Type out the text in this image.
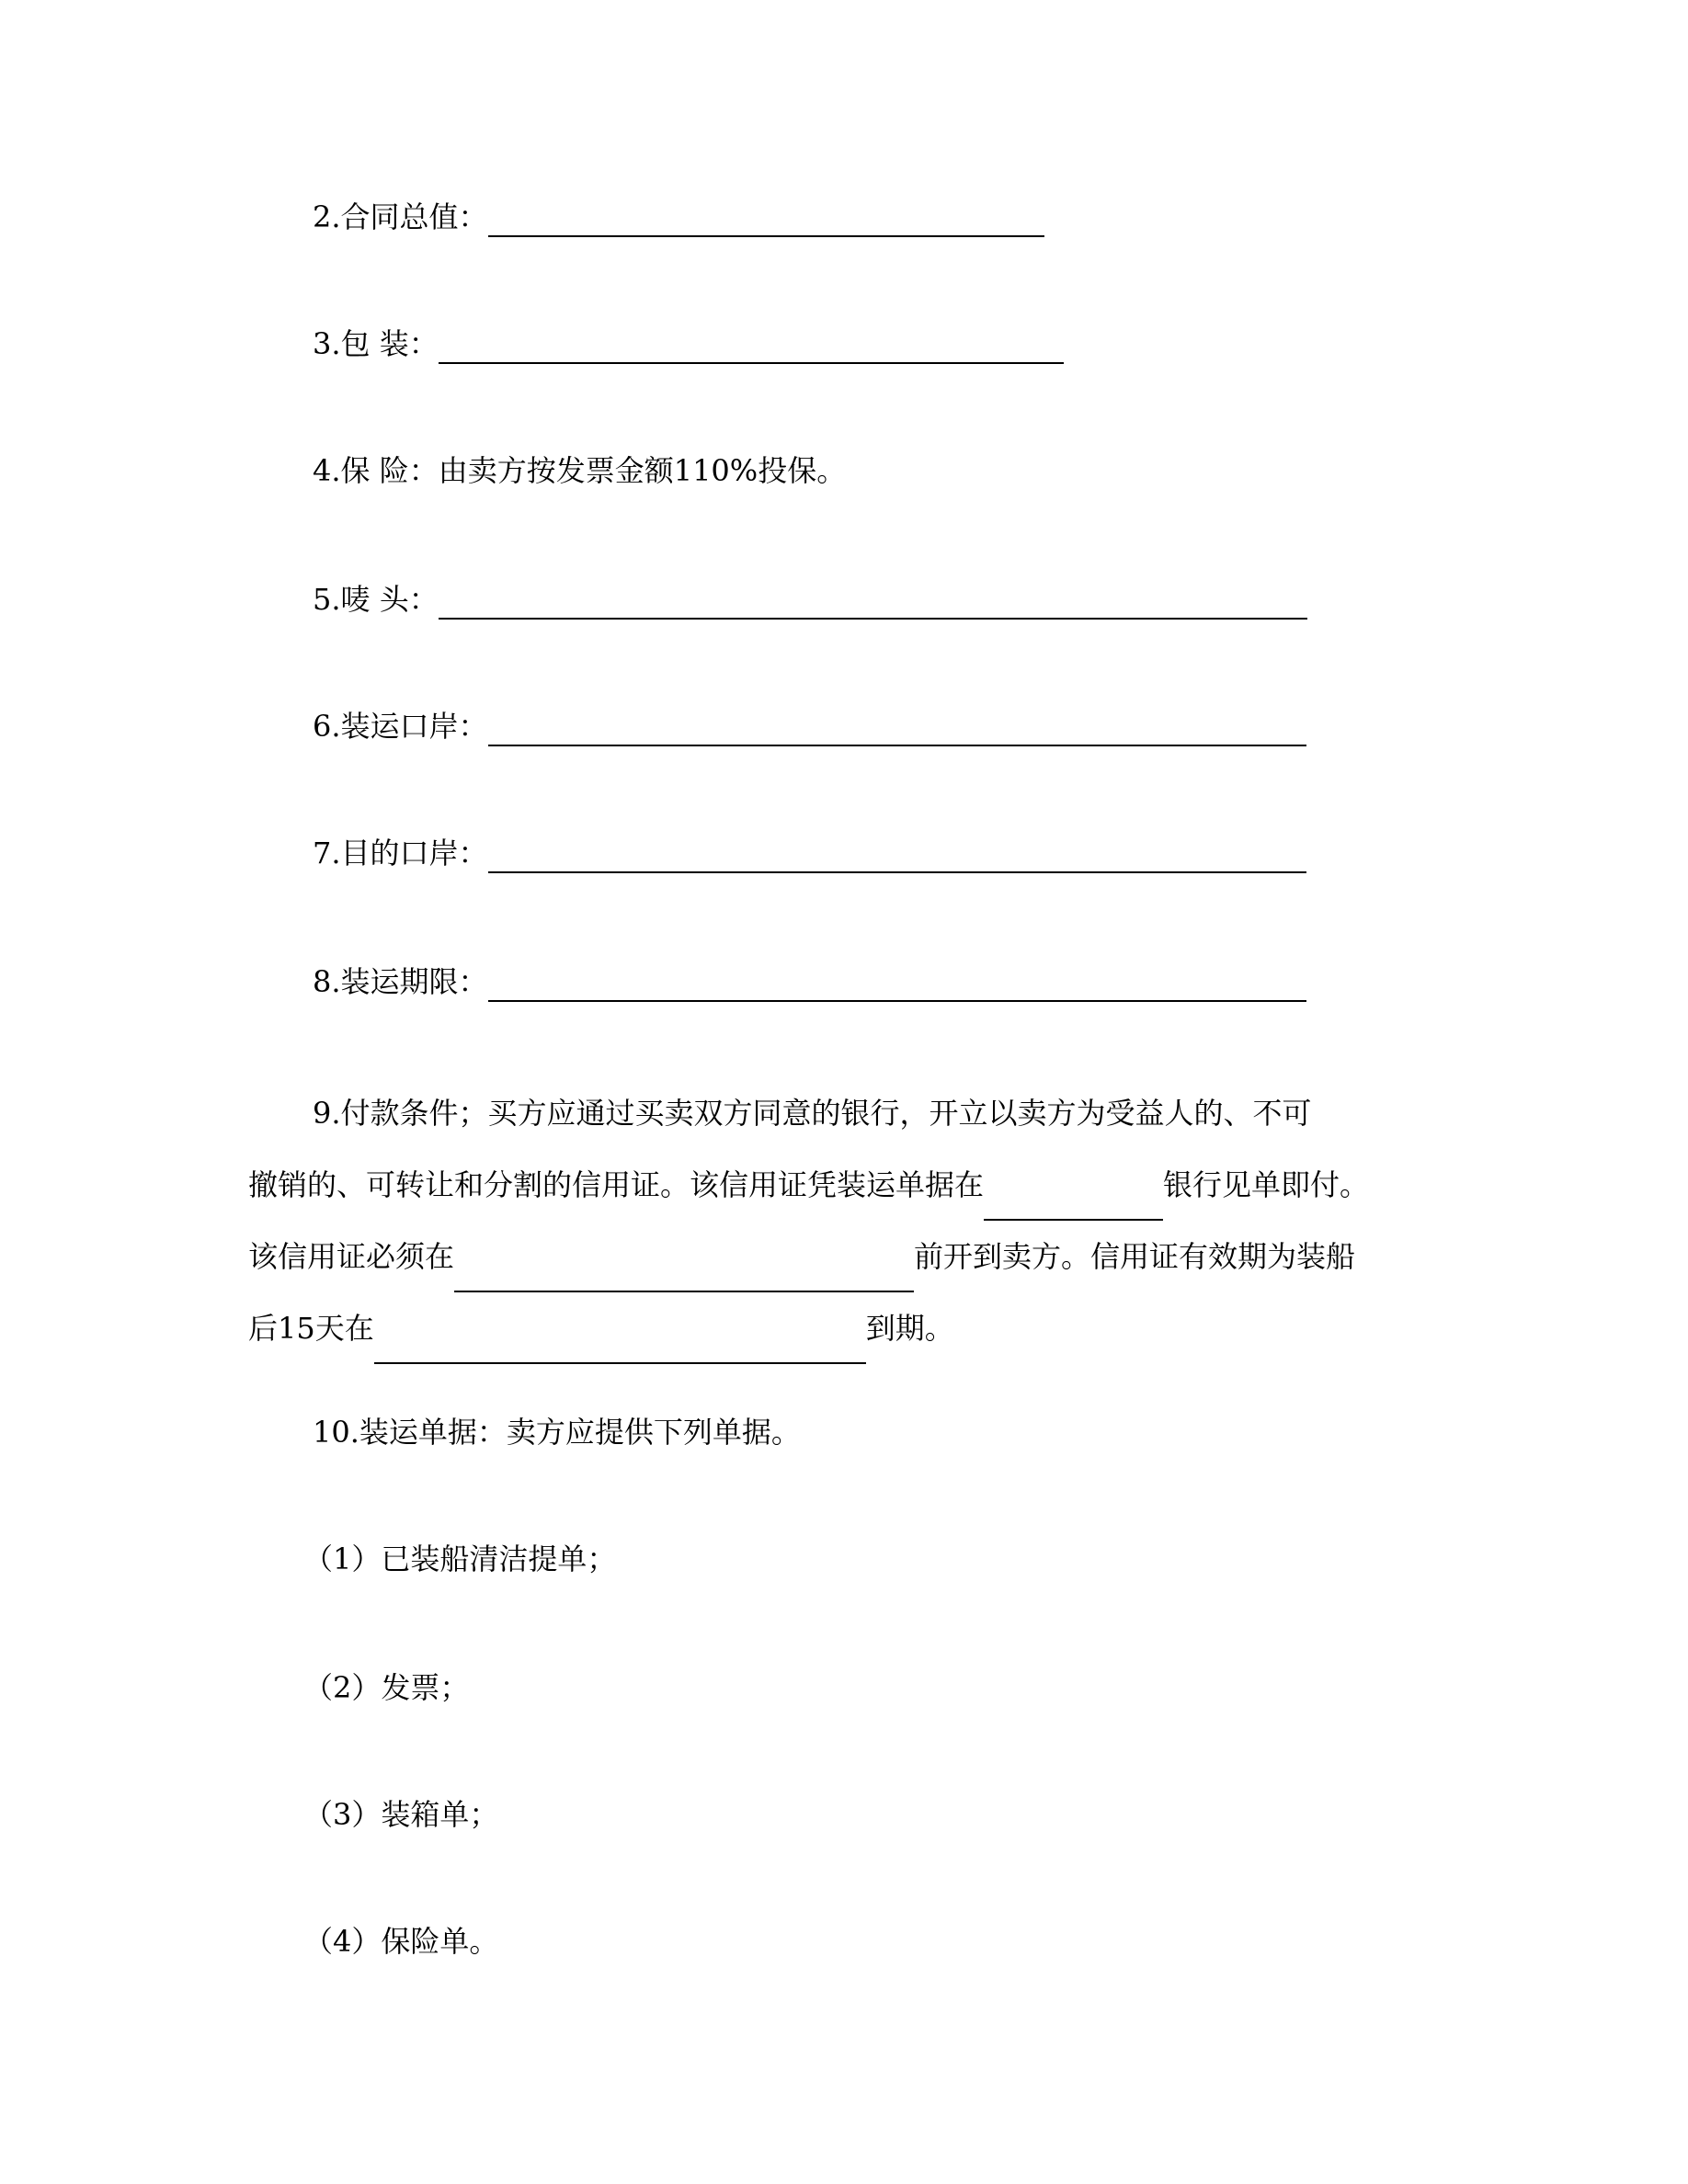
2.合同总值：
3.包 装：
4.保 险：由卖方按发票金额110%投保。
5.唛 头：
6.装运口岸：
7.目的口岸：
8.装运期限：
9.付款条件；买方应通过买卖双方同意的银行，开立以卖方为受益人的、不可
撤销的、可转让和分割的信用证。该信用证凭装运单据在	银行见单即付。
该信用证必须在	前开到卖方。信用证有效期为装船
后15天在	到期。
10.装运单据：卖方应提供下列单据。
（1）已装船清洁提单；
（2）发票；
（3）装箱单；
（4）保险单。
